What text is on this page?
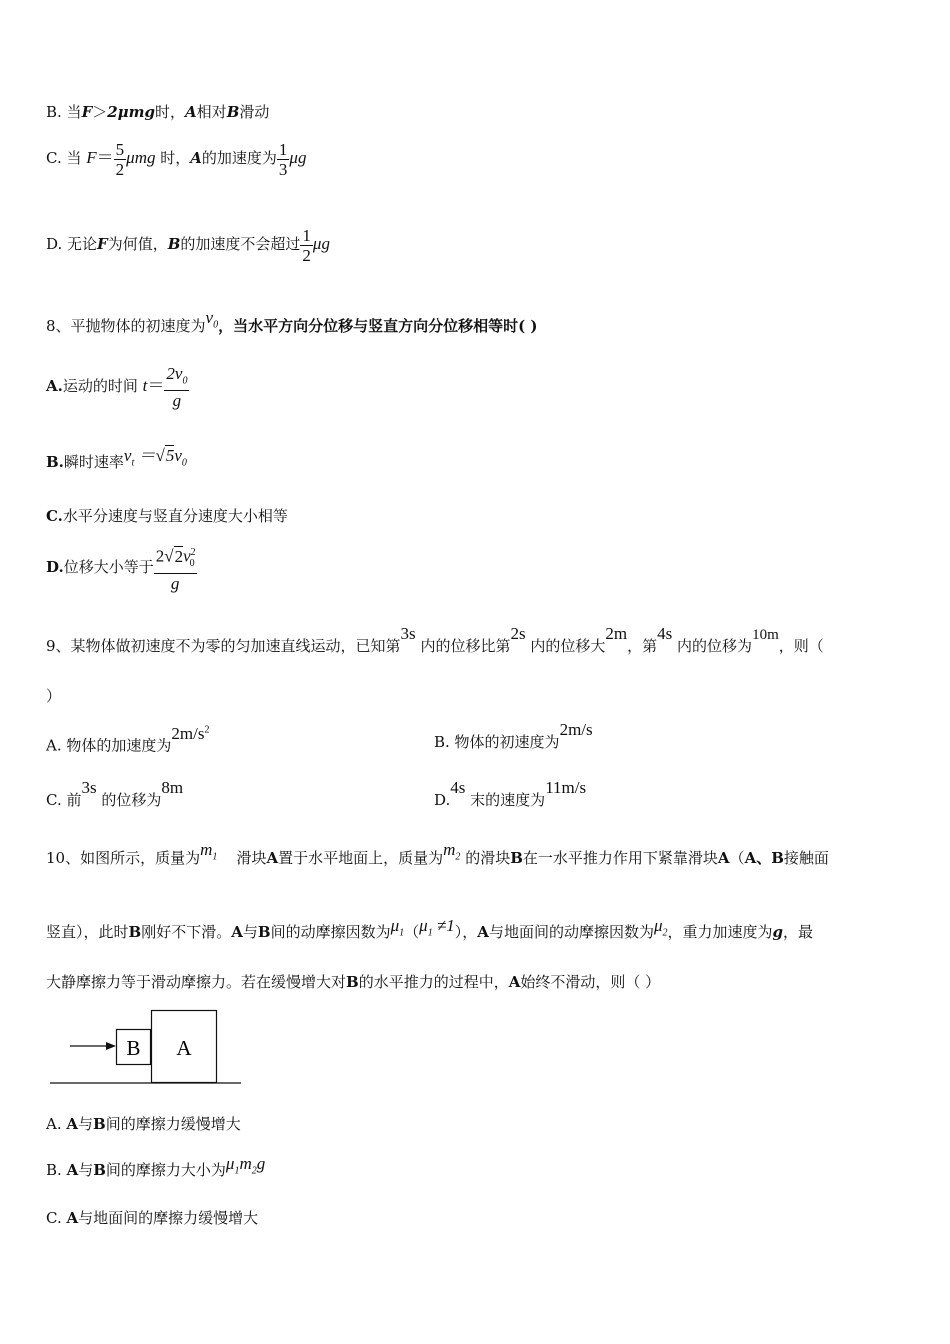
B. 当F＞2μmg时，A相对B滑动
C. 当 $F= \frac{5}{2}$ μmg 时，A的加速度为 $\frac{1}{3}$ μg
D. 无论F为何值，B的加速度不会超过 $\frac{1}{2}$ μg
8、平抛物体的初速度为$v_0$，当水平方向分位移与竖直方向分位移相等时( )
A.运动的时间 $t= \frac{2v_0}{g}$
B.瞬时速率$v_t =√5v_0$
C.水平分速度与竖直分速度大小相等
D.位移大小等于 $\frac{2√2v^2_0}{g}$
9、某物体做初速度不为零的匀加速直线运动，已知第3s 内的位移比第2s 内的位移大2m，第4s 内的位移为10m，则（
）
A. 物体的加速度为$2m/s^2$
B. 物体的初速度为2m/s
C. 前3s 的位移为8m
D.4s 末的速度为11m/s
10、如图所示，质量为$m_1$ 滑块A置于水平地面上，质量为$m_2$ 的滑块B在一水平推力作用下紧靠滑块A（A、B接触面
竖直），此时B刚好不下滑。A与B间的动摩擦因数为$\mu_1(\mu_1 \ne 1)$，A与地面间的动摩擦因数为$\mu_2$，重力加速度为g，最
大静摩擦力等于滑动摩擦力。若在缓慢增大对B的水平推力的过程中，A始终不滑动，则（ ）
B A
A. A与B间的摩擦力缓慢增大
B. A与B间的摩擦力大小为$\mu_1m_2g$
C. A与地面间的摩擦力缓慢增大
